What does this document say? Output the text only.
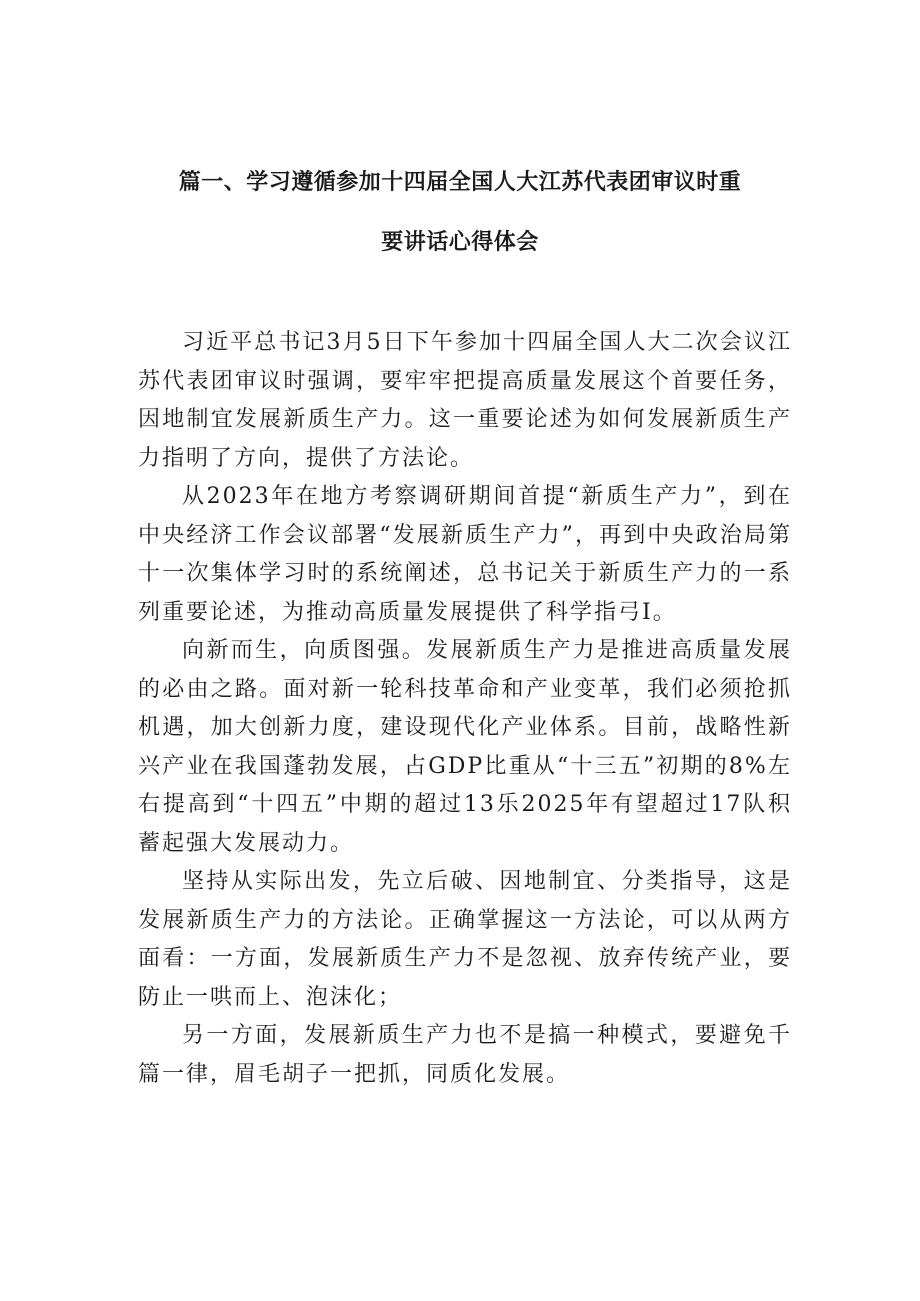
篇一、学习遵循参加十四届全国人大江苏代表团审议时重
要讲话心得体会

习近平总书记3月5日下午参加十四届全国人大二次会议江苏代表团审议时强调，要牢牢把提高质量发展这个首要任务，因地制宜发展新质生产力。这一重要论述为如何发展新质生产力指明了方向，提供了方法论。

从2023年在地方考察调研期间首提“新质生产力”，到在中央经济工作会议部署“发展新质生产力”，再到中央政治局第十一次集体学习时的系统阐述，总书记关于新质生产力的一系列重要论述，为推动高质量发展提供了科学指弓I。

向新而生，向质图强。发展新质生产力是推进高质量发展的必由之路。面对新一轮科技革命和产业变革，我们必须抢抓机遇，加大创新力度，建设现代化产业体系。目前，战略性新兴产业在我国蓬勃发展，占GDP比重从“十三五”初期的8%左右提高到“十四五”中期的超过13乐2025年有望超过17队积蓄起强大发展动力。

坚持从实际出发，先立后破、因地制宜、分类指导，这是发展新质生产力的方法论。正确掌握这一方法论，可以从两方面看：一方面，发展新质生产力不是忽视、放弃传统产业，要防止一哄而上、泡沫化；

另一方面，发展新质生产力也不是搞一种模式，要避免千篇一律，眉毛胡子一把抓，同质化发展。
